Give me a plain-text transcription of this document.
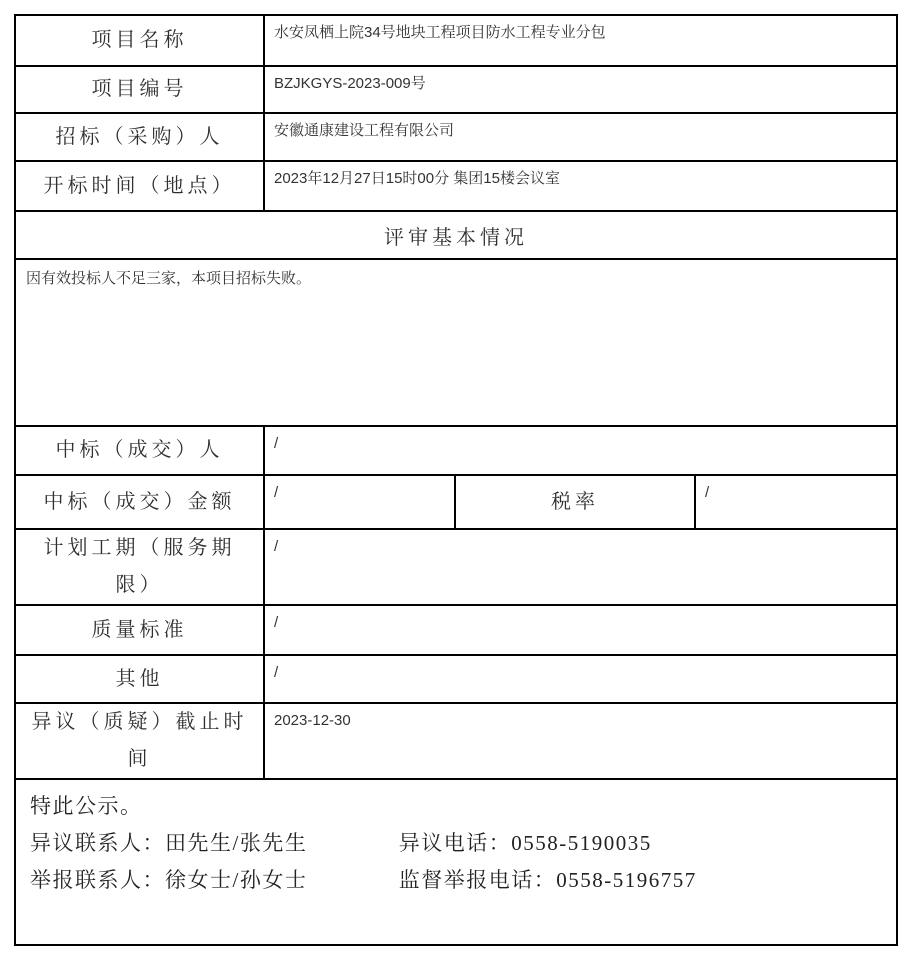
项目名称	水安凤栖上院34号地块工程项目防水工程专业分包		
项目编号	BZJKGYS-2023-009号		
招标（采购）人	安徽通康建设工程有限公司		
开标时间（地点）	2023年12月27日15时00分 集团15楼会议室		
评审基本情况			
因有效投标人不足三家，本项目招标失败。			
中标（成交）人	/		
中标（成交）金额	/	税率	/
计划工期（服务期限）	/		
质量标准	/		
其他	/		
异议（质疑）截止时间	2023-12-30		

特此公示。
异议联系人：田先生/张先生 异议电话：0558-5190035
举报联系人：徐女士/孙女士 监督举报电话：0558-5196757			
